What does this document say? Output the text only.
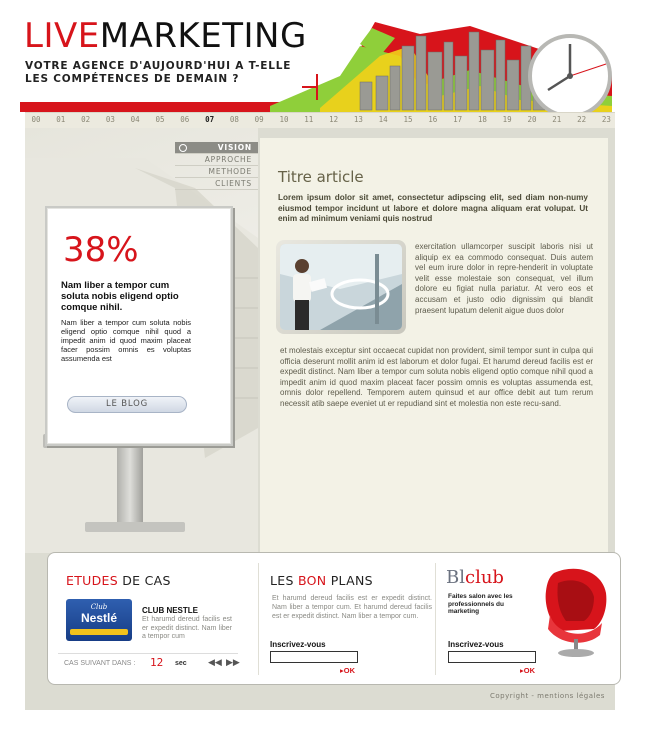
LIVEMARKETING
VOTRE AGENCE D'AUJOURD'HUI A T-ELLE
LES COMPÉTENCES DE DEMAIN ?
00	01	02	03	04	05	06	07	08	09	10	11	12	13	14	15	16	17	18	19	20	21	22	23
VISION
APPROCHE
METHODE
CLIENTS
38%
Nam liber a tempor cum soluta nobis eligend optio comque nihil.
Nam liber a tempor cum soluta nobis eligend optio comque nihil quod a impedit anim id quod maxim placeat facer possim omnis es voluptas assumenda est
LE BLOG
Titre article
Lorem ipsum dolor sit amet, consectetur adipscing elit, sed diam non-numy eiusmod tempor incidunt ut labore et dolore magna aliquam erat volupat. Ut enim ad minimum veniami quis nostrud
exercitation ullamcorper suscipit laboris nisi ut aliquip ex ea commodo consequat. Duis autem vel eum irure dolor in repre-henderit in voluptate velit esse molestaie son consequat, vel illum dolore eu figiat nulla pariatur. At vero eos et accusam et justo odio dignissim qui blandit praesent lupatum delenit aigue duos dolor
et molestais exceptur sint occaecat cupidat non provident, simil tempor sunt in culpa qui officia deserunt mollit anim id est laborum et dolor fugai. Et harumd dereud facilis est er expedit distinct. Nam liber a tempor cum soluta nobis eligend optio comque nihil quod a impedit anim id quod maxim placeat facer possim omnis es voluptas assumenda est, omnis dolor repellend. Temporem autem quinsud et aur office debit aut tum rerum necessit atib saepe eveniet ut er repudiand sint et molestia non este recu-sand.
ETUDES DE CAS
Club
Nestlé
CLUB NESTLE
Et harumd dereud facilis est er expedit distinct. Nam liber a tempor cum
CAS SUIVANT DANS : 12 sec ◀◀ ▶▶
LES BON PLANS
Et harumd dereud facilis est er expedit distinct. Nam liber a tempor cum. Et harumd dereud facilis est er expedit distinct. Nam liber a tempor cum.
Inscrivez-vous
▸OK
Blclub
Faites salon avec les professionnels du marketing
Inscrivez-vous
▸OK
Copyright - mentions légales
